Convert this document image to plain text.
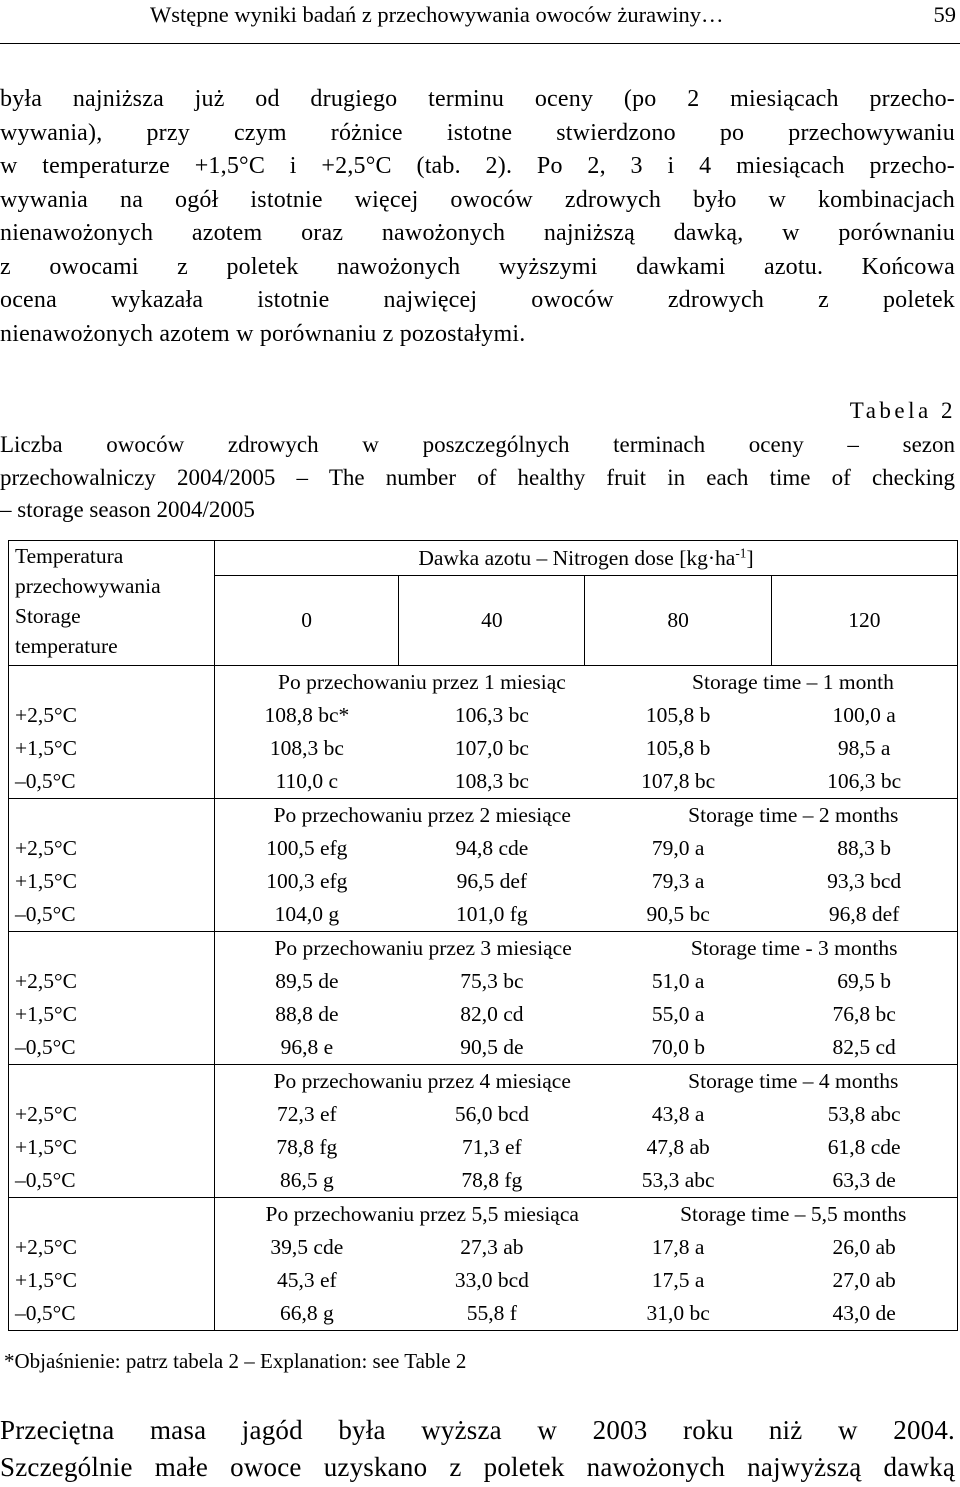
Wstępne wyniki badań z przechowywania owoców żurawiny…	59
była najniższa już od drugiego terminu oceny (po 2 miesiącach przecho-
wywania), przy czym różnice istotne stwierdzono po przechowywaniu
w temperaturze +1,5°C i +2,5°C (tab. 2). Po 2, 3 i 4 miesiącach przecho-
wywania na ogół istotnie więcej owoców zdrowych było w kombinacjach
nienawożonych azotem oraz nawożonych najniższą dawką, w porównaniu
z owocami z poletek nawożonych wyższymi dawkami azotu. Końcowa
ocena wykazała istotnie najwięcej owoców zdrowych z poletek
nienawożonych azotem w porównaniu z pozostałymi.
Tabela 2
Liczba owoców zdrowych w poszczególnych terminach oceny – sezon
przechowalniczy 2004/2005 – The number of healthy fruit in each time of checking
– storage season 2004/2005
Temperatura
przechowywania
Storage
temperature	Dawka azotu – Nitrogen dose $[kg\cdot ha^{-1}]$			
	0	40	80	120

	Po przechowaniu przez 1 miesiąc Storage time – 1 month			

+2,5°C	108,8 bc*	106,3 bc	105,8 b	100,0 a
+1,5°C	108,3 bc	107,0 bc	105,8 b	98,5 a
–0,5°C	110,0 c	108,3 bc	107,8 bc	106,3 bc

	Po przechowaniu przez 2 miesiące Storage time – 2 months			

+2,5°C	100,5 efg	94,8 cde	79,0 a	88,3 b
+1,5°C	100,3 efg	96,5 def	79,3 a	93,3 bcd
–0,5°C	104,0 g	101,0 fg	90,5 bc	96,8 def

	Po przechowaniu przez 3 miesiące Storage time - 3 months			

+2,5°C	89,5 de	75,3 bc	51,0 a	69,5 b
+1,5°C	88,8 de	82,0 cd	55,0 a	76,8 bc
–0,5°C	96,8 e	90,5 de	70,0 b	82,5 cd

	Po przechowaniu przez 4 miesiące Storage time – 4 months			

+2,5°C	72,3 ef	56,0 bcd	43,8 a	53,8 abc
+1,5°C	78,8 fg	71,3 ef	47,8 ab	61,8 cde
–0,5°C	86,5 g	78,8 fg	53,3 abc	63,3 de

	Po przechowaniu przez 5,5 miesiąca Storage time – 5,5 months			

+2,5°C	39,5 cde	27,3 ab	17,8 a	26,0 ab
+1,5°C	45,3 ef	33,0 bcd	17,5 a	27,0 ab
–0,5°C	66,8 g	55,8 f	31,0 bc	43,0 de
*Objaśnienie: patrz tabela 2 – Explanation: see Table 2
Przeciętna masa jagód była wyższa w 2003 roku niż w 2004.
Szczególnie małe owoce uzyskano z poletek nawożonych najwyższą dawką
